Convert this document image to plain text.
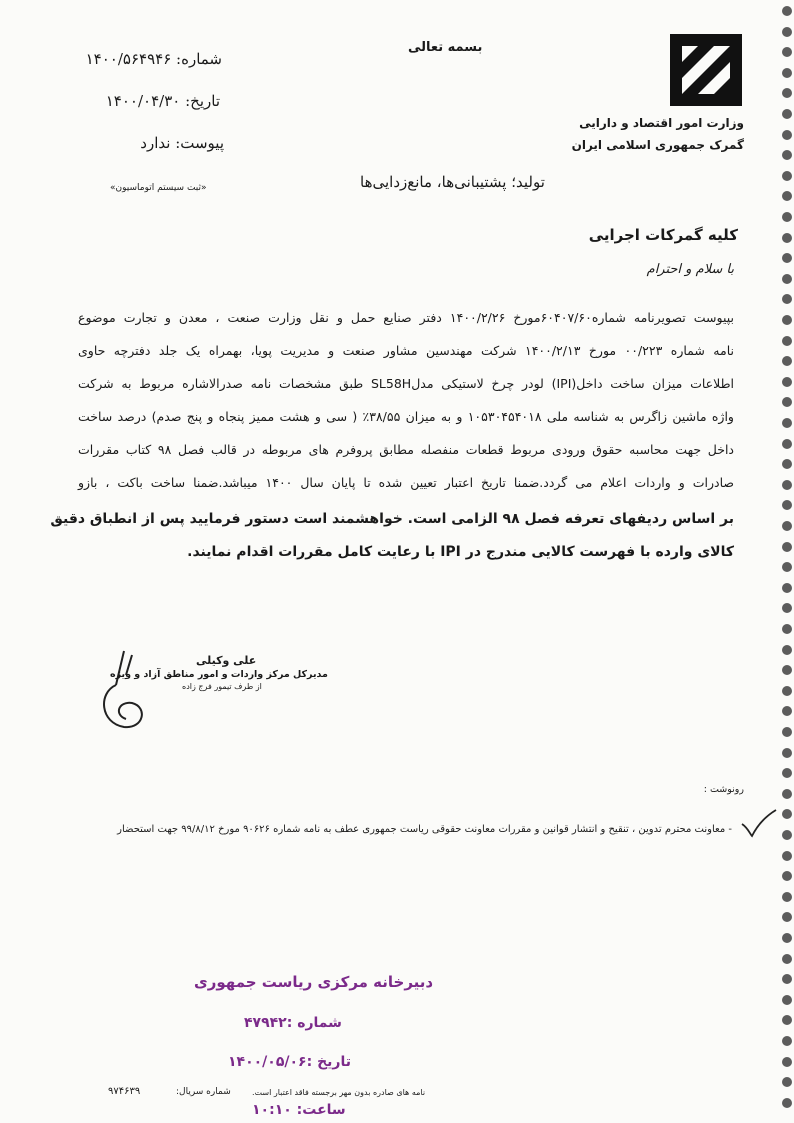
بسمه تعالی
وزارت امور اقتصاد و دارایی
گمرک جمهوری اسلامی ایران
شماره: ۱۴۰۰/۵۶۴۹۴۶
تاریخ: ۱۴۰۰/۰۴/۳۰
پیوست: ندارد
«ثبت سیستم اتوماسیون»	تولید؛ پشتیبانی‌ها، مانع‌زدایی‌ها
کلیه گمرکات اجرایی
با سلام و احترام
بپیوست تصویرنامه شماره۶۰۴۰۷/۶۰مورخ ۱۴۰۰/۲/۲۶ دفتر صنایع حمل و نقل وزارت صنعت ، معدن و تجارت موضوع
نامه شماره ۰۰/۲۲۳ مورخ ۱۴۰۰/۲/۱۳ شرکت مهندسین مشاور صنعت و مدیریت پویا، بهمراه یک جلد دفترچه حاوی
اطلاعات میزان ساخت داخل(IPI) لودر چرخ لاستیکی مدلSL58H طبق مشخصات نامه صدرالاشاره مربوط به شرکت
واژه ماشین زاگرس به شناسه ملی ۱۰۵۳۰۴۵۴۰۱۸ و به میزان ۳۸/۵۵٪ ( سی و هشت ممیز پنجاه و پنج صدم) درصد ساخت
داخل جهت محاسبه حقوق ورودی مربوط قطعات منفصله مطابق پروفرم های مربوطه در قالب فصل ۹۸ کتاب مقررات
صادرات و واردات اعلام می گردد.ضمنا تاریخ اعتبار تعیین شده تا پایان سال ۱۴۰۰ میباشد.ضمنا ساخت باکت ، بازو
بر اساس ردیفهای تعرفه فصل ۹۸ الزامی است. خواهشمند است دستور فرمایید پس از انطباق دقیق
کالای وارده با فهرست کالایی مندرج در IPI با رعایت کامل مقررات اقدام نمایند.
علی وکیلی
مدیرکل مرکز واردات و امور مناطق آزاد و ویژه
از طرف تیمور فرج زاده
رونوشت :
- معاونت محترم تدوین ، تنقیح و انتشار قوانین و مقررات معاونت حقوقی ریاست جمهوری عطف به نامه شماره ۹۰۶۲۶ مورخ ۹۹/۸/۱۲ جهت استحضار
دبیرخانه مرکزی ریاست جمهوری
شماره :۴۷۹۴۲
تاریخ :۱۴۰۰/۰۵/۰۶
ساعت: ۱۰:۱۰
نامه های صادره بدون مهر برجسته فاقد اعتبار است.
شماره سریال:
۹۷۴۶۳۹
